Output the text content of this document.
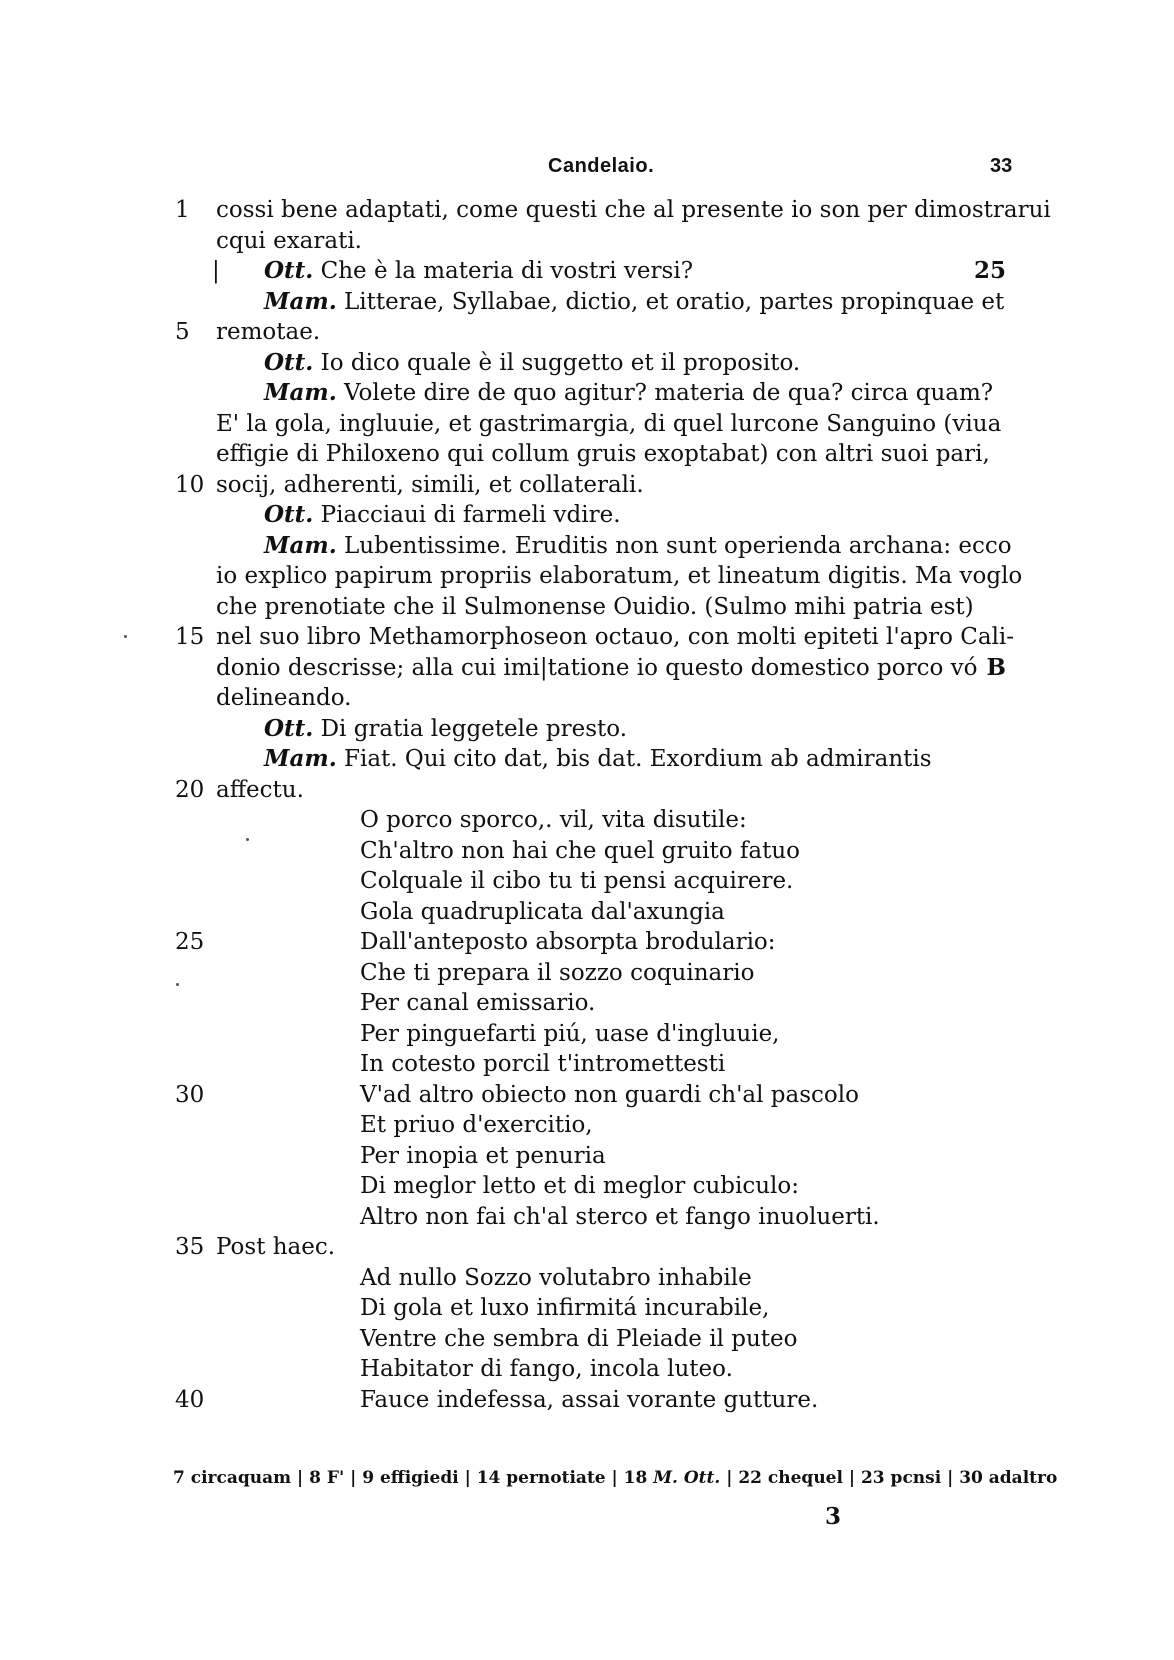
Candelaio.	33
1	cossi bene adaptati, come questi che al presente io son per dimostrarui
cqui exarati.
| Ott. Che è la materia di vostri versi?	25
Mam. Litterae, Syllabae, dictio, et oratio, partes propinquae et
5	remotae.
Ott. Io dico quale è il suggetto et il proposito.
Mam. Volete dire de quo agitur? materia de qua? circa quam?
E' la gola, ingluuie, et gastrimargia, di quel lurcone Sanguino (viua
effigie di Philoxeno qui collum gruis exoptabat) con altri suoi pari,
10 socij, adherenti, simili, et collaterali.
Ott. Piacciaui di farmeli vdire.
Mam. Lubentissime. Eruditis non sunt operienda archana: ecco
io explico papirum propriis elaboratum, et lineatum digitis. Ma voglo
che prenotiate che il Sulmonense Ouidio. (Sulmo mihi patria est)
15 nel suo libro Methamorphoseon octauo, con molti epiteti l'apro Cali-
donio descrisse; alla cui imi|tatione io questo domestico porco vó B
delineando.
Ott. Di gratia leggetele presto.
Mam. Fiat. Qui cito dat, bis dat. Exordium ab admirantis
20 affectu.
O porco sporco,. vil, vita disutile:
Ch'altro non hai che quel gruito fatuo
Colquale il cibo tu ti pensi acquirere.
Gola quadruplicata dal'axungia
25	Dall'anteposto absorpta brodulario:
Che ti prepara il sozzo coquinario
Per canal emissario.
Per pinguefarti piú, uase d'ingluuie,
In cotesto porcil t'intromettesti
30	V'ad altro obiecto non guardi ch'al pascolo
Et priuo d'exercitio,
Per inopia et penuria
Di meglor letto et di meglor cubiculo:
Altro non fai ch'al sterco et fango inuoluerti.
35 Post haec.
Ad nullo Sozzo volutabro inhabile
Di gola et luxo infirmitá incurabile,
Ventre che sembra di Pleiade il puteo
Habitator di fango, incola luteo.
40	Fauce indefessa, assai vorante gutture.
7 circaquam | 8 F' | 9 effigiedi | 14 pernotiate | 18 M. Ott. | 22 chequel | 23 pcnsi | 30 adaltro
3
